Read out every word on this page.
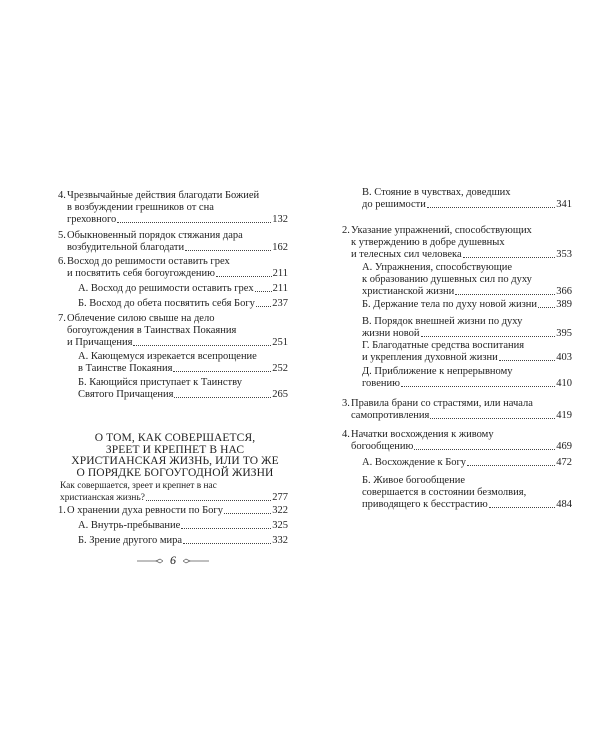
4. Чрезвычайные действия благодати Божией
в возбуждении грешников от сна
греховного	132
5. Обыкновенный порядок стяжания дара
возбудительной благодати	162
6. Восход до решимости оставить грех
и посвятить себя богоугождению	211
А. Восход до решимости оставить грех 211
Б. Восход до обета посвятить себя Богу 237
7. Облечение силою свыше на дело
богоугождения в Таинствах Покаяния
и Причащения	251
А. Кающемуся изрекается всепрощение
в Таинстве Покаяния	252
Б. Кающийся приступает к Таинству
Святого Причащения	265
О ТОМ, КАК СОВЕРШАЕТСЯ,
ЗРЕЕТ И КРЕПНЕТ В НАС
ХРИСТИАНСКАЯ ЖИЗНЬ, ИЛИ ТО ЖЕ
О ПОРЯДКЕ БОГОУГОДНОЙ ЖИЗНИ
Как совершается, зреет и крепнет в нас
христианская жизнь?	277
1. О хранении духа ревности по Богу	322
А. Внутрь-пребывание	325
Б. Зрение другого мира	332
6
В. Стояние в чувствах, доведших
до решимости	341
2. Указание упражнений, способствующих
к утверждению в добре душевных
и телесных сил человека	353
А. Упражнения, способствующие
к образованию душевных сил по духу
христианской жизни	366
Б. Держание тела по духу новой жизни 389
В. Порядок внешней жизни по духу
жизни новой	395
Г. Благодатные средства воспитания
и укрепления духовной жизни	403
Д. Приближение к непрерывному
говению	410
3. Правила брани со страстями, или начала
самопротивления	419
4. Начатки восхождения к живому
богообщению	469
А. Восхождение к Богу	472
Б. Живое богообщение
совершается в состоянии безмолвия,
приводящего к бесстрастию	484
